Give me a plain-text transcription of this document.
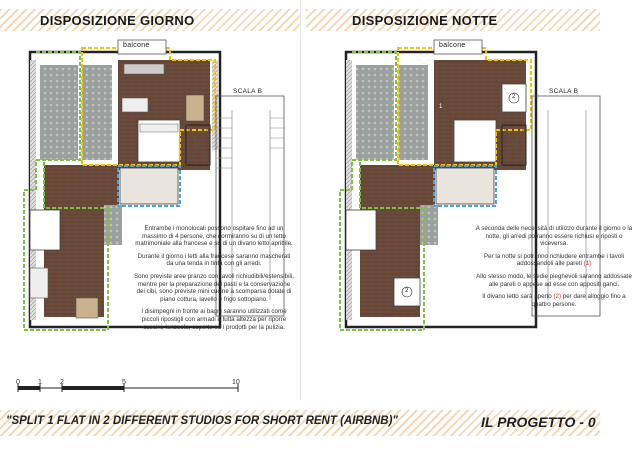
DISPOSIZIONE GIORNO
balcone
SCALA B

Entrambe i monolocali possono ospitare fino ad un massimo di 4 persone, che dormiranno su di un letto matrimoniale alla francese e su di un divano letto apribile.

Durante il giorno i letti alla francese saranno mascherati da una tenda in tinta con gli arredi.

Sono previste aree pranzo con tavoli richiudibili/estensibili, mentre per la preparazione dei pasti e la conservazione dei cibi, sono previste mini cucine a scomparsa dotate di piano cottura, lavello e frigo sottopiano.

I disimpegni in fronte ai bagni saranno utilizzati come piccoli ripostigli con armadi a tutta altezza per riporre cuscini, lenzuola, coperte ed i prodotti per la pulizia.

0	1	2	5	10
DISPOSIZIONE NOTTE
balcone
SCALA B
1
2
2

A seconda delle necessità di utilizzo durante il giorno o la notte, gli arredi potranno essere richiusi e riposti o viceversa.

Per la notte si potranno richiudere entrambe i tavoli addossandoli alle pareti (1)

Allo stesso modo, le sedie pieghevoli saranno addossate alle pareti o appese ad esse con appositi ganci.

Il divano letto sarà aperto (2) per dare alloggio fino a quattro persone.

"SPLIT 1 FLAT IN 2 DIFFERENT STUDIOS FOR SHORT RENT (AIRBNB)"	IL PROGETTO - 0
